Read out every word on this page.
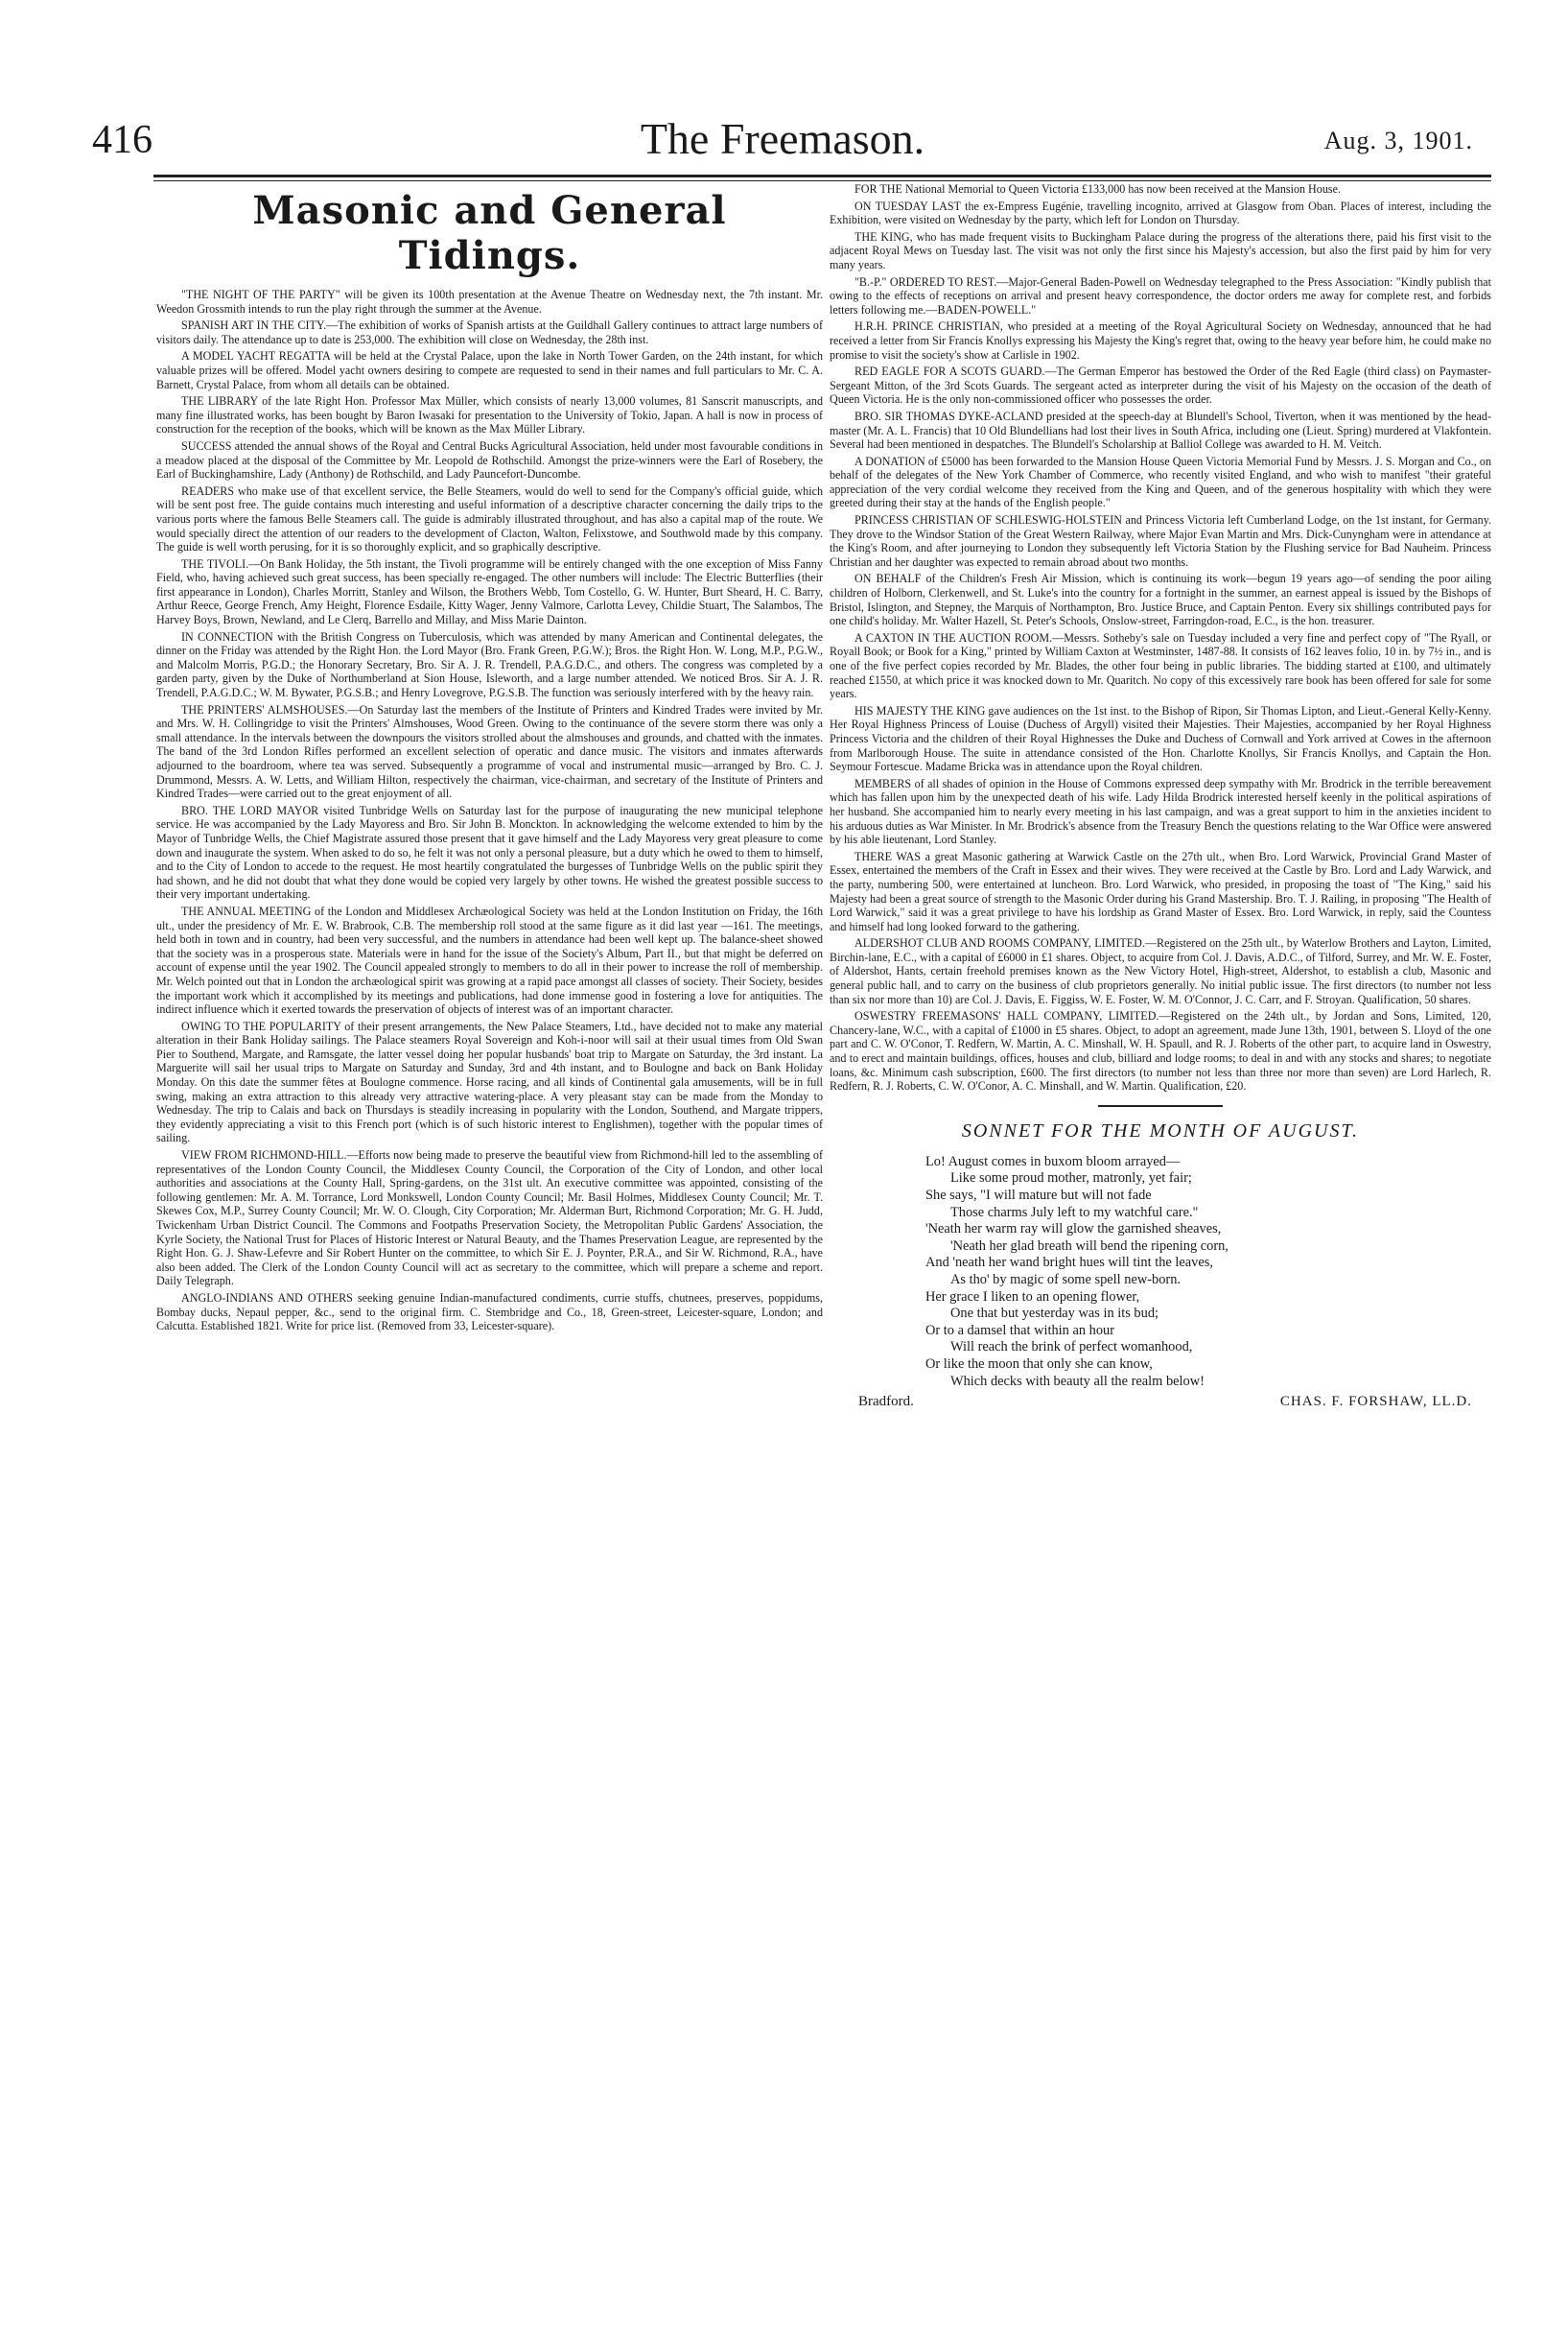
416	The Freemason.	Aug. 3, 1901.
Masonic and General Tidings.

"THE NIGHT OF THE PARTY" will be given its 100th presentation at the Avenue Theatre on Wednesday next, the 7th instant. Mr. Weedon Grossmith intends to run the play right through the summer at the Avenue.

SPANISH ART IN THE CITY.—The exhibition of works of Spanish artists at the Guildhall Gallery continues to attract large numbers of visitors daily. The attendance up to date is 253,000. The exhibition will close on Wednesday, the 28th inst.

A MODEL YACHT REGATTA will be held at the Crystal Palace, upon the lake in North Tower Garden, on the 24th instant, for which valuable prizes will be offered. Model yacht owners desiring to compete are requested to send in their names and full particulars to Mr. C. A. Barnett, Crystal Palace, from whom all details can be obtained.

THE LIBRARY of the late Right Hon. Professor Max Müller, which consists of nearly 13,000 volumes, 81 Sanscrit manuscripts, and many fine illustrated works, has been bought by Baron Iwasaki for presentation to the University of Tokio, Japan. A hall is now in process of construction for the reception of the books, which will be known as the Max Müller Library.

SUCCESS attended the annual shows of the Royal and Central Bucks Agricultural Association, held under most favourable conditions in a meadow placed at the disposal of the Committee by Mr. Leopold de Rothschild. Amongst the prize-winners were the Earl of Rosebery, the Earl of Buckinghamshire, Lady (Anthony) de Rothschild, and Lady Pauncefort-Duncombe.

READERS who make use of that excellent service, the Belle Steamers, would do well to send for the Company's official guide, which will be sent post free. The guide contains much interesting and useful information of a descriptive character concerning the daily trips to the various ports where the famous Belle Steamers call. The guide is admirably illustrated throughout, and has also a capital map of the route. We would specially direct the attention of our readers to the development of Clacton, Walton, Felixstowe, and Southwold made by this company. The guide is well worth perusing, for it is so thoroughly explicit, and so graphically descriptive.

THE TIVOLI.—On Bank Holiday, the 5th instant, the Tivoli programme will be entirely changed with the one exception of Miss Fanny Field, who, having achieved such great success, has been specially re-engaged. The other numbers will include: The Electric Butterflies (their first appearance in London), Charles Morritt, Stanley and Wilson, the Brothers Webb, Tom Costello, G. W. Hunter, Burt Sheard, H. C. Barry, Arthur Reece, George French, Amy Height, Florence Esdaile, Kitty Wager, Jenny Valmore, Carlotta Levey, Childie Stuart, The Salambos, The Harvey Boys, Brown, Newland, and Le Clerq, Barrello and Millay, and Miss Marie Dainton.

IN CONNECTION with the British Congress on Tuberculosis, which was attended by many American and Continental delegates, the dinner on the Friday was attended by the Right Hon. the Lord Mayor (Bro. Frank Green, P.G.W.); Bros. the Right Hon. W. Long, M.P., P.G.W., and Malcolm Morris, P.G.D.; the Honorary Secretary, Bro. Sir A. J. R. Trendell, P.A.G.D.C., and others. The congress was completed by a garden party, given by the Duke of Northumberland at Sion House, Isleworth, and a large number attended. We noticed Bros. Sir A. J. R. Trendell, P.A.G.D.C.; W. M. Bywater, P.G.S.B.; and Henry Lovegrove, P.G.S.B. The function was seriously interfered with by the heavy rain.

THE PRINTERS' ALMSHOUSES.—On Saturday last the members of the Institute of Printers and Kindred Trades were invited by Mr. and Mrs. W. H. Collingridge to visit the Printers' Almshouses, Wood Green. Owing to the continuance of the severe storm there was only a small attendance. In the intervals between the downpours the visitors strolled about the almshouses and grounds, and chatted with the inmates. The band of the 3rd London Rifles performed an excellent selection of operatic and dance music. The visitors and inmates afterwards adjourned to the boardroom, where tea was served. Subsequently a programme of vocal and instrumental music—arranged by Bro. C. J. Drummond, Messrs. A. W. Letts, and William Hilton, respectively the chairman, vice-chairman, and secretary of the Institute of Printers and Kindred Trades—were carried out to the great enjoyment of all.

BRO. THE LORD MAYOR visited Tunbridge Wells on Saturday last for the purpose of inaugurating the new municipal telephone service. He was accompanied by the Lady Mayoress and Bro. Sir John B. Monckton. In acknowledging the welcome extended to him by the Mayor of Tunbridge Wells, the Chief Magistrate assured those present that it gave himself and the Lady Mayoress very great pleasure to come down and inaugurate the system. When asked to do so, he felt it was not only a personal pleasure, but a duty which he owed to them to himself, and to the City of London to accede to the request. He most heartily congratulated the burgesses of Tunbridge Wells on the public spirit they had shown, and he did not doubt that what they done would be copied very largely by other towns. He wished the greatest possible success to their very important undertaking.

THE ANNUAL MEETING of the London and Middlesex Archæological Society was held at the London Institution on Friday, the 16th ult., under the presidency of Mr. E. W. Brabrook, C.B. The membership roll stood at the same figure as it did last year —161. The meetings, held both in town and in country, had been very successful, and the numbers in attendance had been well kept up. The balance-sheet showed that the society was in a prosperous state. Materials were in hand for the issue of the Society's Album, Part II., but that might be deferred on account of expense until the year 1902. The Council appealed strongly to members to do all in their power to increase the roll of membership. Mr. Welch pointed out that in London the archæological spirit was growing at a rapid pace amongst all classes of society. Their Society, besides the important work which it accomplished by its meetings and publications, had done immense good in fostering a love for antiquities. The indirect influence which it exerted towards the preservation of objects of interest was of an important character.

OWING TO THE POPULARITY of their present arrangements, the New Palace Steamers, Ltd., have decided not to make any material alteration in their Bank Holiday sailings. The Palace steamers Royal Sovereign and Koh-i-noor will sail at their usual times from Old Swan Pier to Southend, Margate, and Ramsgate, the latter vessel doing her popular husbands' boat trip to Margate on Saturday, the 3rd instant. La Marguerite will sail her usual trips to Margate on Saturday and Sunday, 3rd and 4th instant, and to Boulogne and back on Bank Holiday Monday. On this date the summer fêtes at Boulogne commence. Horse racing, and all kinds of Continental gala amusements, will be in full swing, making an extra attraction to this already very attractive watering-place. A very pleasant stay can be made from the Monday to Wednesday. The trip to Calais and back on Thursdays is steadily increasing in popularity with the London, Southend, and Margate trippers, they evidently appreciating a visit to this French port (which is of such historic interest to Englishmen), together with the popular times of sailing.

VIEW FROM RICHMOND-HILL.—Efforts now being made to preserve the beautiful view from Richmond-hill led to the assembling of representatives of the London County Council, the Middlesex County Council, the Corporation of the City of London, and other local authorities and associations at the County Hall, Spring-gardens, on the 31st ult. An executive committee was appointed, consisting of the following gentlemen: Mr. A. M. Torrance, Lord Monkswell, London County Council; Mr. Basil Holmes, Middlesex County Council; Mr. T. Skewes Cox, M.P., Surrey County Council; Mr. W. O. Clough, City Corporation; Mr. Alderman Burt, Richmond Corporation; Mr. G. H. Judd, Twickenham Urban District Council. The Commons and Footpaths Preservation Society, the Metropolitan Public Gardens' Association, the Kyrle Society, the National Trust for Places of Historic Interest or Natural Beauty, and the Thames Preservation League, are represented by the Right Hon. G. J. Shaw-Lefevre and Sir Robert Hunter on the committee, to which Sir E. J. Poynter, P.R.A., and Sir W. Richmond, R.A., have also been added. The Clerk of the London County Council will act as secretary to the committee, which will prepare a scheme and report. Daily Telegraph.

ANGLO-INDIANS AND OTHERS seeking genuine Indian-manufactured condiments, currie stuffs, chutnees, preserves, poppidums, Bombay ducks, Nepaul pepper, &c., send to the original firm. C. Stembridge and Co., 18, Green-street, Leicester-square, London; and Calcutta. Established 1821. Write for price list. (Removed from 33, Leicester-square).

FOR THE National Memorial to Queen Victoria £133,000 has now been received at the Mansion House.

ON TUESDAY LAST the ex-Empress Eugénie, travelling incognito, arrived at Glasgow from Oban. Places of interest, including the Exhibition, were visited on Wednesday by the party, which left for London on Thursday.

THE KING, who has made frequent visits to Buckingham Palace during the progress of the alterations there, paid his first visit to the adjacent Royal Mews on Tuesday last. The visit was not only the first since his Majesty's accession, but also the first paid by him for very many years.

"B.-P." ORDERED TO REST.—Major-General Baden-Powell on Wednesday telegraphed to the Press Association: "Kindly publish that owing to the effects of receptions on arrival and present heavy correspondence, the doctor orders me away for complete rest, and forbids letters following me.—BADEN-POWELL."

H.R.H. PRINCE CHRISTIAN, who presided at a meeting of the Royal Agricultural Society on Wednesday, announced that he had received a letter from Sir Francis Knollys expressing his Majesty the King's regret that, owing to the heavy year before him, he could make no promise to visit the society's show at Carlisle in 1902.

RED EAGLE FOR A SCOTS GUARD.—The German Emperor has bestowed the Order of the Red Eagle (third class) on Paymaster-Sergeant Mitton, of the 3rd Scots Guards. The sergeant acted as interpreter during the visit of his Majesty on the occasion of the death of Queen Victoria. He is the only non-commissioned officer who possesses the order.

BRO. SIR THOMAS DYKE-ACLAND presided at the speech-day at Blundell's School, Tiverton, when it was mentioned by the head-master (Mr. A. L. Francis) that 10 Old Blundellians had lost their lives in South Africa, including one (Lieut. Spring) murdered at Vlakfontein. Several had been mentioned in despatches. The Blundell's Scholarship at Balliol College was awarded to H. M. Veitch.

A DONATION of £5000 has been forwarded to the Mansion House Queen Victoria Memorial Fund by Messrs. J. S. Morgan and Co., on behalf of the delegates of the New York Chamber of Commerce, who recently visited England, and who wish to manifest "their grateful appreciation of the very cordial welcome they received from the King and Queen, and of the generous hospitality with which they were greeted during their stay at the hands of the English people."

PRINCESS CHRISTIAN OF SCHLESWIG-HOLSTEIN and Princess Victoria left Cumberland Lodge, on the 1st instant, for Germany. They drove to the Windsor Station of the Great Western Railway, where Major Evan Martin and Mrs. Dick-Cunyngham were in attendance at the King's Room, and after journeying to London they subsequently left Victoria Station by the Flushing service for Bad Nauheim. Princess Christian and her daughter was expected to remain abroad about two months.

ON BEHALF of the Children's Fresh Air Mission, which is continuing its work—begun 19 years ago—of sending the poor ailing children of Holborn, Clerkenwell, and St. Luke's into the country for a fortnight in the summer, an earnest appeal is issued by the Bishops of Bristol, Islington, and Stepney, the Marquis of Northampton, Bro. Justice Bruce, and Captain Penton. Every six shillings contributed pays for one child's holiday. Mr. Walter Hazell, St. Peter's Schools, Onslow-street, Farringdon-road, E.C., is the hon. treasurer.

A CAXTON IN THE AUCTION ROOM.—Messrs. Sotheby's sale on Tuesday included a very fine and perfect copy of "The Ryall, or Royall Book; or Book for a King," printed by William Caxton at Westminster, 1487-88. It consists of 162 leaves folio, 10 in. by 7½ in., and is one of the five perfect copies recorded by Mr. Blades, the other four being in public libraries. The bidding started at £100, and ultimately reached £1550, at which price it was knocked down to Mr. Quaritch. No copy of this excessively rare book has been offered for sale for some years.

HIS MAJESTY THE KING gave audiences on the 1st inst. to the Bishop of Ripon, Sir Thomas Lipton, and Lieut.-General Kelly-Kenny. Her Royal Highness Princess of Louise (Duchess of Argyll) visited their Majesties. Their Majesties, accompanied by her Royal Highness Princess Victoria and the children of their Royal Highnesses the Duke and Duchess of Cornwall and York arrived at Cowes in the afternoon from Marlborough House. The suite in attendance consisted of the Hon. Charlotte Knollys, Sir Francis Knollys, and Captain the Hon. Seymour Fortescue. Madame Bricka was in attendance upon the Royal children.

MEMBERS of all shades of opinion in the House of Commons expressed deep sympathy with Mr. Brodrick in the terrible bereavement which has fallen upon him by the unexpected death of his wife. Lady Hilda Brodrick interested herself keenly in the political aspirations of her husband. She accompanied him to nearly every meeting in his last campaign, and was a great support to him in the anxieties incident to his arduous duties as War Minister. In Mr. Brodrick's absence from the Treasury Bench the questions relating to the War Office were answered by his able lieutenant, Lord Stanley.

THERE WAS a great Masonic gathering at Warwick Castle on the 27th ult., when Bro. Lord Warwick, Provincial Grand Master of Essex, entertained the members of the Craft in Essex and their wives. They were received at the Castle by Bro. Lord and Lady Warwick, and the party, numbering 500, were entertained at luncheon. Bro. Lord Warwick, who presided, in proposing the toast of "The King," said his Majesty had been a great source of strength to the Masonic Order during his Grand Mastership. Bro. T. J. Railing, in proposing "The Health of Lord Warwick," said it was a great privilege to have his lordship as Grand Master of Essex. Bro. Lord Warwick, in reply, said the Countess and himself had long looked forward to the gathering.

ALDERSHOT CLUB AND ROOMS COMPANY, LIMITED.—Registered on the 25th ult., by Waterlow Brothers and Layton, Limited, Birchin-lane, E.C., with a capital of £6000 in £1 shares. Object, to acquire from Col. J. Davis, A.D.C., of Tilford, Surrey, and Mr. W. E. Foster, of Aldershot, Hants, certain freehold premises known as the New Victory Hotel, High-street, Aldershot, to establish a club, Masonic and general public hall, and to carry on the business of club proprietors generally. No initial public issue. The first directors (to number not less than six nor more than 10) are Col. J. Davis, E. Figgiss, W. E. Foster, W. M. O'Connor, J. C. Carr, and F. Stroyan. Qualification, 50 shares.

OSWESTRY FREEMASONS' HALL COMPANY, LIMITED.—Registered on the 24th ult., by Jordan and Sons, Limited, 120, Chancery-lane, W.C., with a capital of £1000 in £5 shares. Object, to adopt an agreement, made June 13th, 1901, between S. Lloyd of the one part and C. W. O'Conor, T. Redfern, W. Martin, A. C. Minshall, W. H. Spaull, and R. J. Roberts of the other part, to acquire land in Oswestry, and to erect and maintain buildings, offices, houses and club, billiard and lodge rooms; to deal in and with any stocks and shares; to negotiate loans, &c. Minimum cash subscription, £600. The first directors (to number not less than three nor more than seven) are Lord Harlech, R. Redfern, R. J. Roberts, C. W. O'Conor, A. C. Minshall, and W. Martin. Qualification, £20.

SONNET FOR THE MONTH OF AUGUST.
Lo! August comes in buxom bloom arrayed—
Like some proud mother, matronly, yet fair;
She says, "I will mature but will not fade
Those charms July left to my watchful care."
'Neath her warm ray will glow the garnished sheaves,
'Neath her glad breath will bend the ripening corn,
And 'neath her wand bright hues will tint the leaves,
As tho' by magic of some spell new-born.
Her grace I liken to an opening flower,
One that but yesterday was in its bud;
Or to a damsel that within an hour
Will reach the brink of perfect womanhood,
Or like the moon that only she can know,
Which decks with beauty all the realm below!
Bradford.	CHAS. F. FORSHAW, LL.D.
